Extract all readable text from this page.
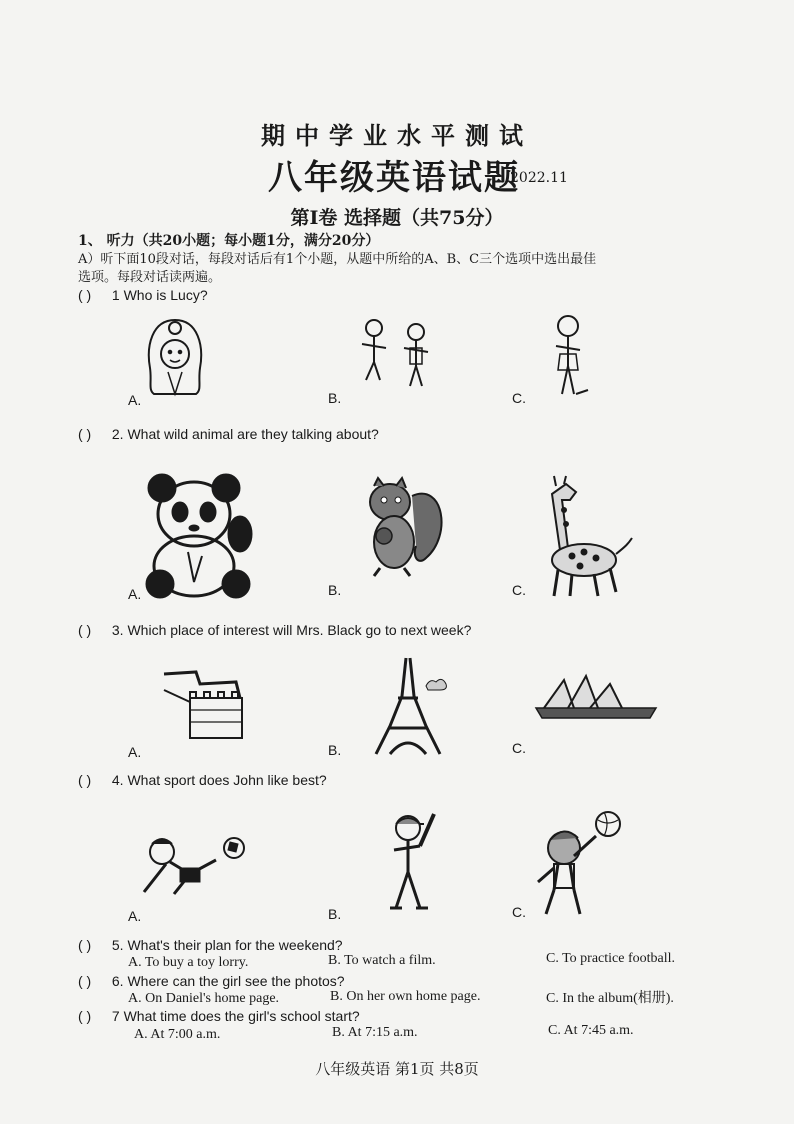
期中学业水平测试
八年级英语试题
2022.11
第Ⅰ卷 选择题（共75分）
1、 听力（共20小题；每小题1分，满分20分）
A）听下面10段对话，每段对话后有1个小题，从题中所给的A、B、C三个选项中选出最佳
选项。每段对话读两遍。
( ) 1 Who is Lucy?
A.	B.	C.
( ) 2. What wild animal are they talking about?
A.	B.	C.
( ) 3. Which place of interest will Mrs. Black go to next week?
A.	B.	C.
( ) 4. What sport does John like best?
A.	B.	C.
( ) 5. What's their plan for the weekend?
A. To buy a toy lorry.	B. To watch a film.	C. To practice football.
( ) 6. Where can the girl see the photos?
A. On Daniel's home page.	B. On her own home page.	C. In the album(相册).
( ) 7 What time does the girl's school start?
A. At 7:00 a.m.	B. At 7:15 a.m.	C. At 7:45 a.m.
八年级英语 第1页 共8页
